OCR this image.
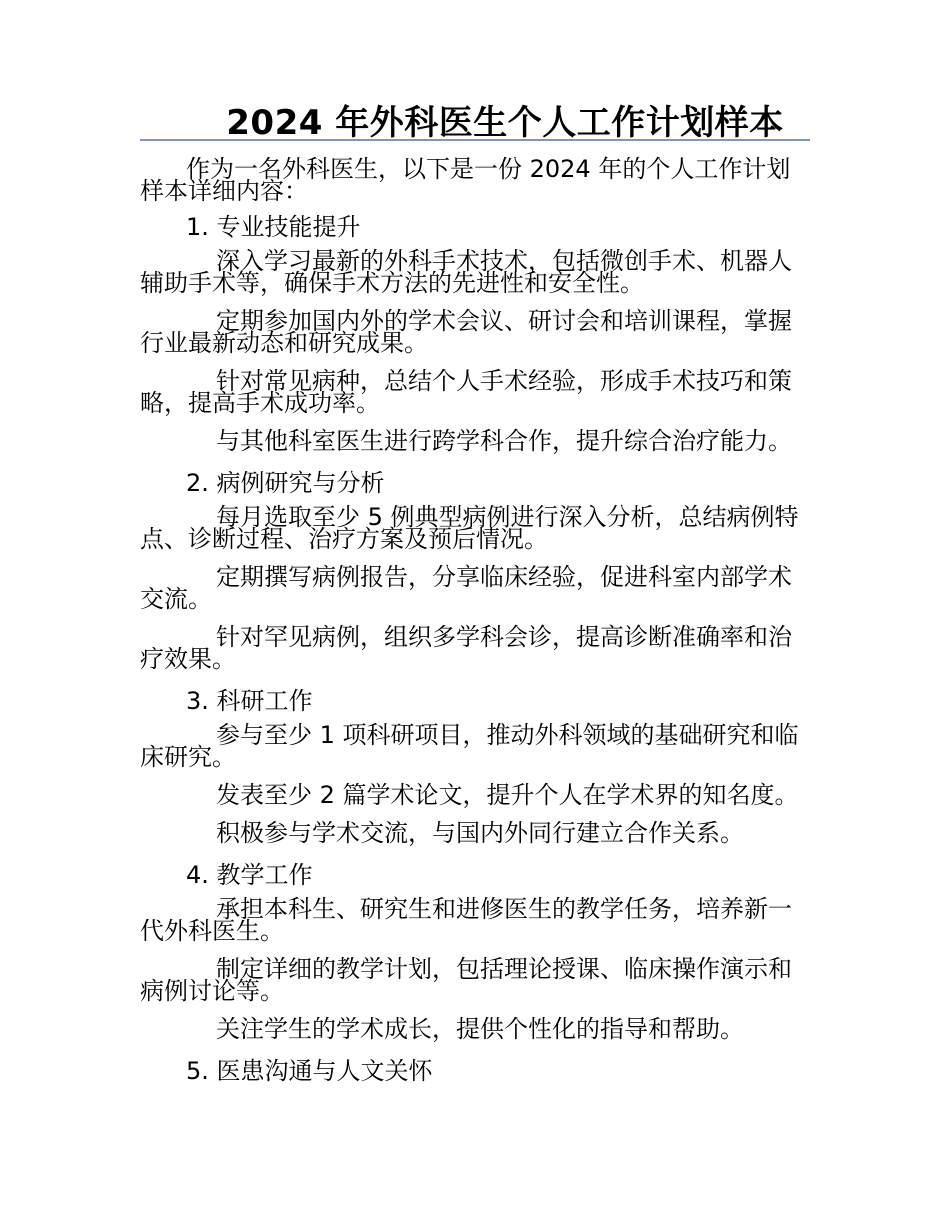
2024 年外科医生个人工作计划样本

作为一名外科医生，以下是一份 2024 年的个人工作计划样本详细内容：

1. 专业技能提升

深入学习最新的外科手术技术，包括微创手术、机器人辅助手术等，确保手术方法的先进性和安全性。

定期参加国内外的学术会议、研讨会和培训课程，掌握行业最新动态和研究成果。

针对常见病种，总结个人手术经验，形成手术技巧和策略，提高手术成功率。

与其他科室医生进行跨学科合作，提升综合治疗能力。

2. 病例研究与分析

每月选取至少 5 例典型病例进行深入分析，总结病例特点、诊断过程、治疗方案及预后情况。

定期撰写病例报告，分享临床经验，促进科室内部学术交流。

针对罕见病例，组织多学科会诊，提高诊断准确率和治疗效果。

3. 科研工作

参与至少 1 项科研项目，推动外科领域的基础研究和临床研究。

发表至少 2 篇学术论文，提升个人在学术界的知名度。

积极参与学术交流，与国内外同行建立合作关系。

4. 教学工作

承担本科生、研究生和进修医生的教学任务，培养新一代外科医生。

制定详细的教学计划，包括理论授课、临床操作演示和病例讨论等。

关注学生的学术成长，提供个性化的指导和帮助。

5. 医患沟通与人文关怀
